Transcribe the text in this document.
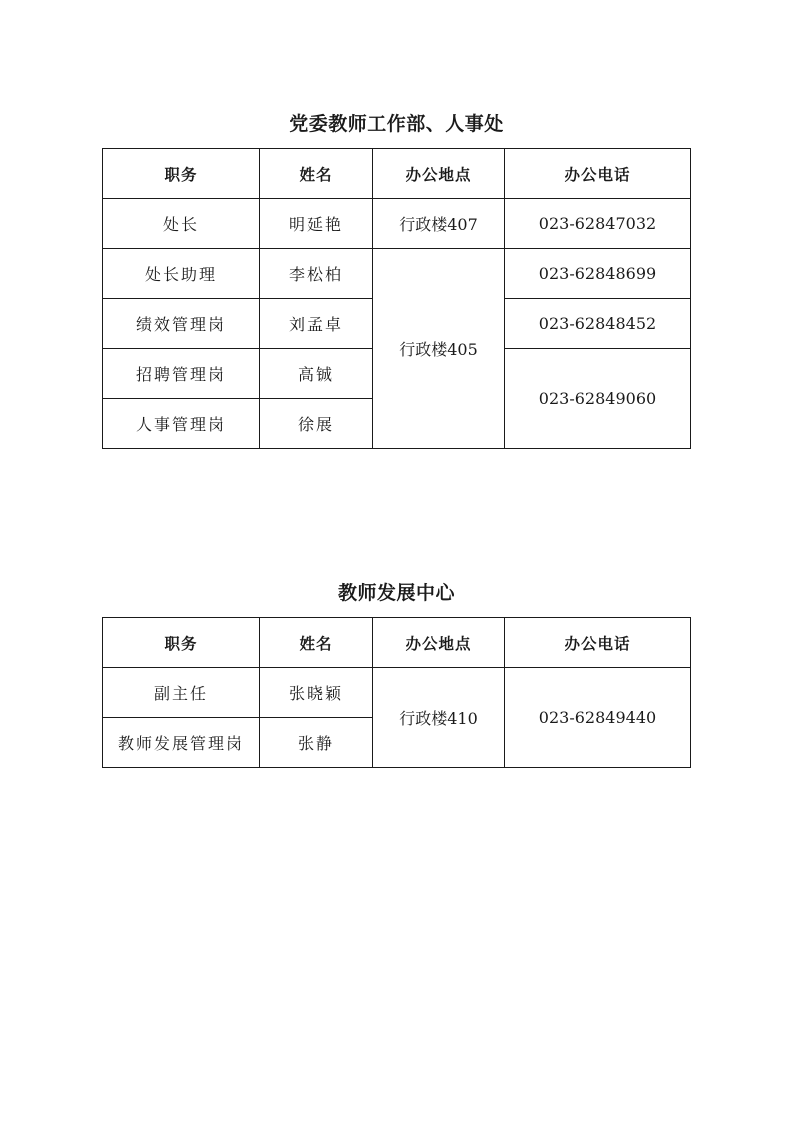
党委教师工作部、人事处
职务	姓名	办公地点	办公电话
处长	明延艳	行政楼407	023-62847032
处长助理	李松柏	行政楼405	023-62848699
绩效管理岗	刘孟卓		023-62848452
招聘管理岗	高铖		023-62849060
人事管理岗	徐展		
教师发展中心
职务	姓名	办公地点	办公电话
副主任	张晓颖	行政楼410	023-62849440
教师发展管理岗	张静		
